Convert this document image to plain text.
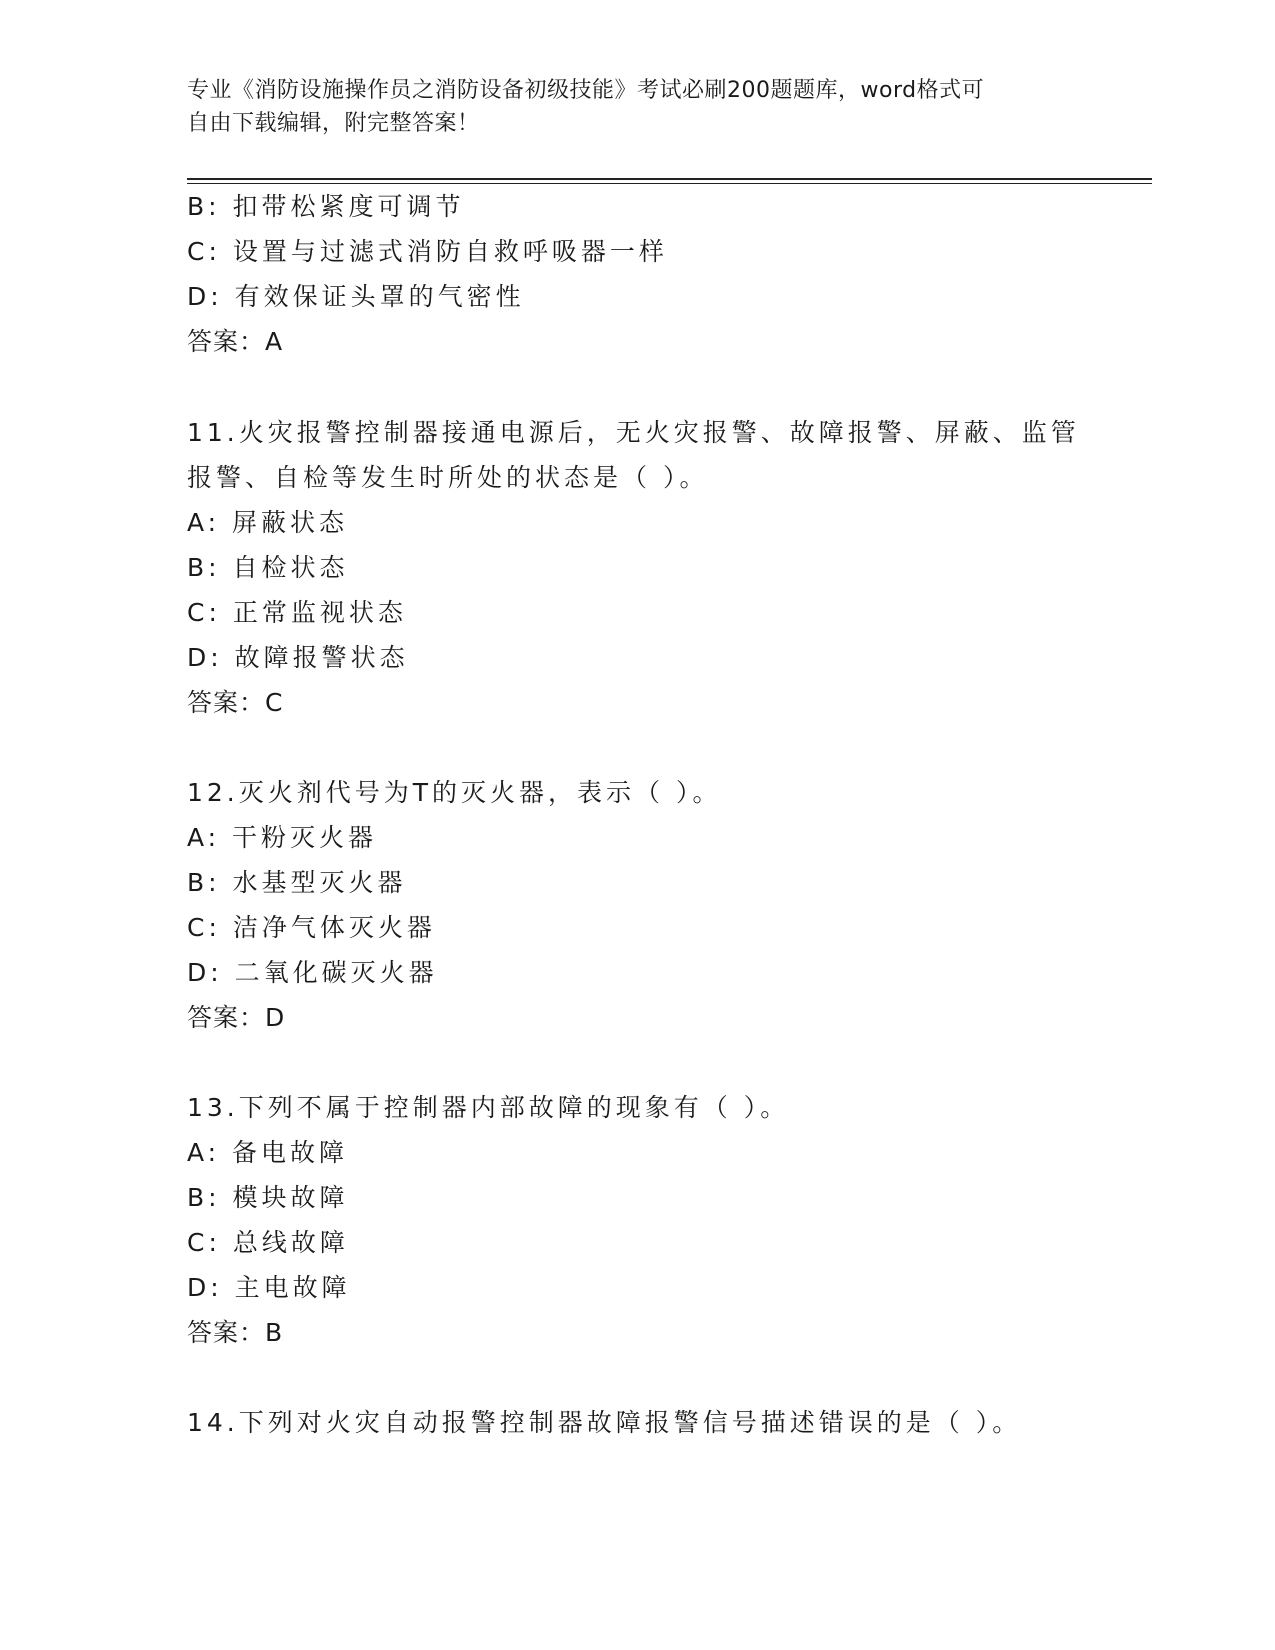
专业《消防设施操作员之消防设备初级技能》考试必刷200题题库，word格式可
自由下载编辑，附完整答案！
B: 扣带松紧度可调节
C: 设置与过滤式消防自救呼吸器一样
D: 有效保证头罩的气密性
答案：A
11.火灾报警控制器接通电源后，无火灾报警、故障报警、屏蔽、监管
报警、自检等发生时所处的状态是（ ）。
A: 屏蔽状态
B: 自检状态
C: 正常监视状态
D: 故障报警状态
答案：C
12.灭火剂代号为T的灭火器，表示（ ）。
A: 干粉灭火器
B: 水基型灭火器
C: 洁净气体灭火器
D: 二氧化碳灭火器
答案：D
13.下列不属于控制器内部故障的现象有（ ）。
A: 备电故障
B: 模块故障
C: 总线故障
D: 主电故障
答案：B
14.下列对火灾自动报警控制器故障报警信号描述错误的是（ ）。
